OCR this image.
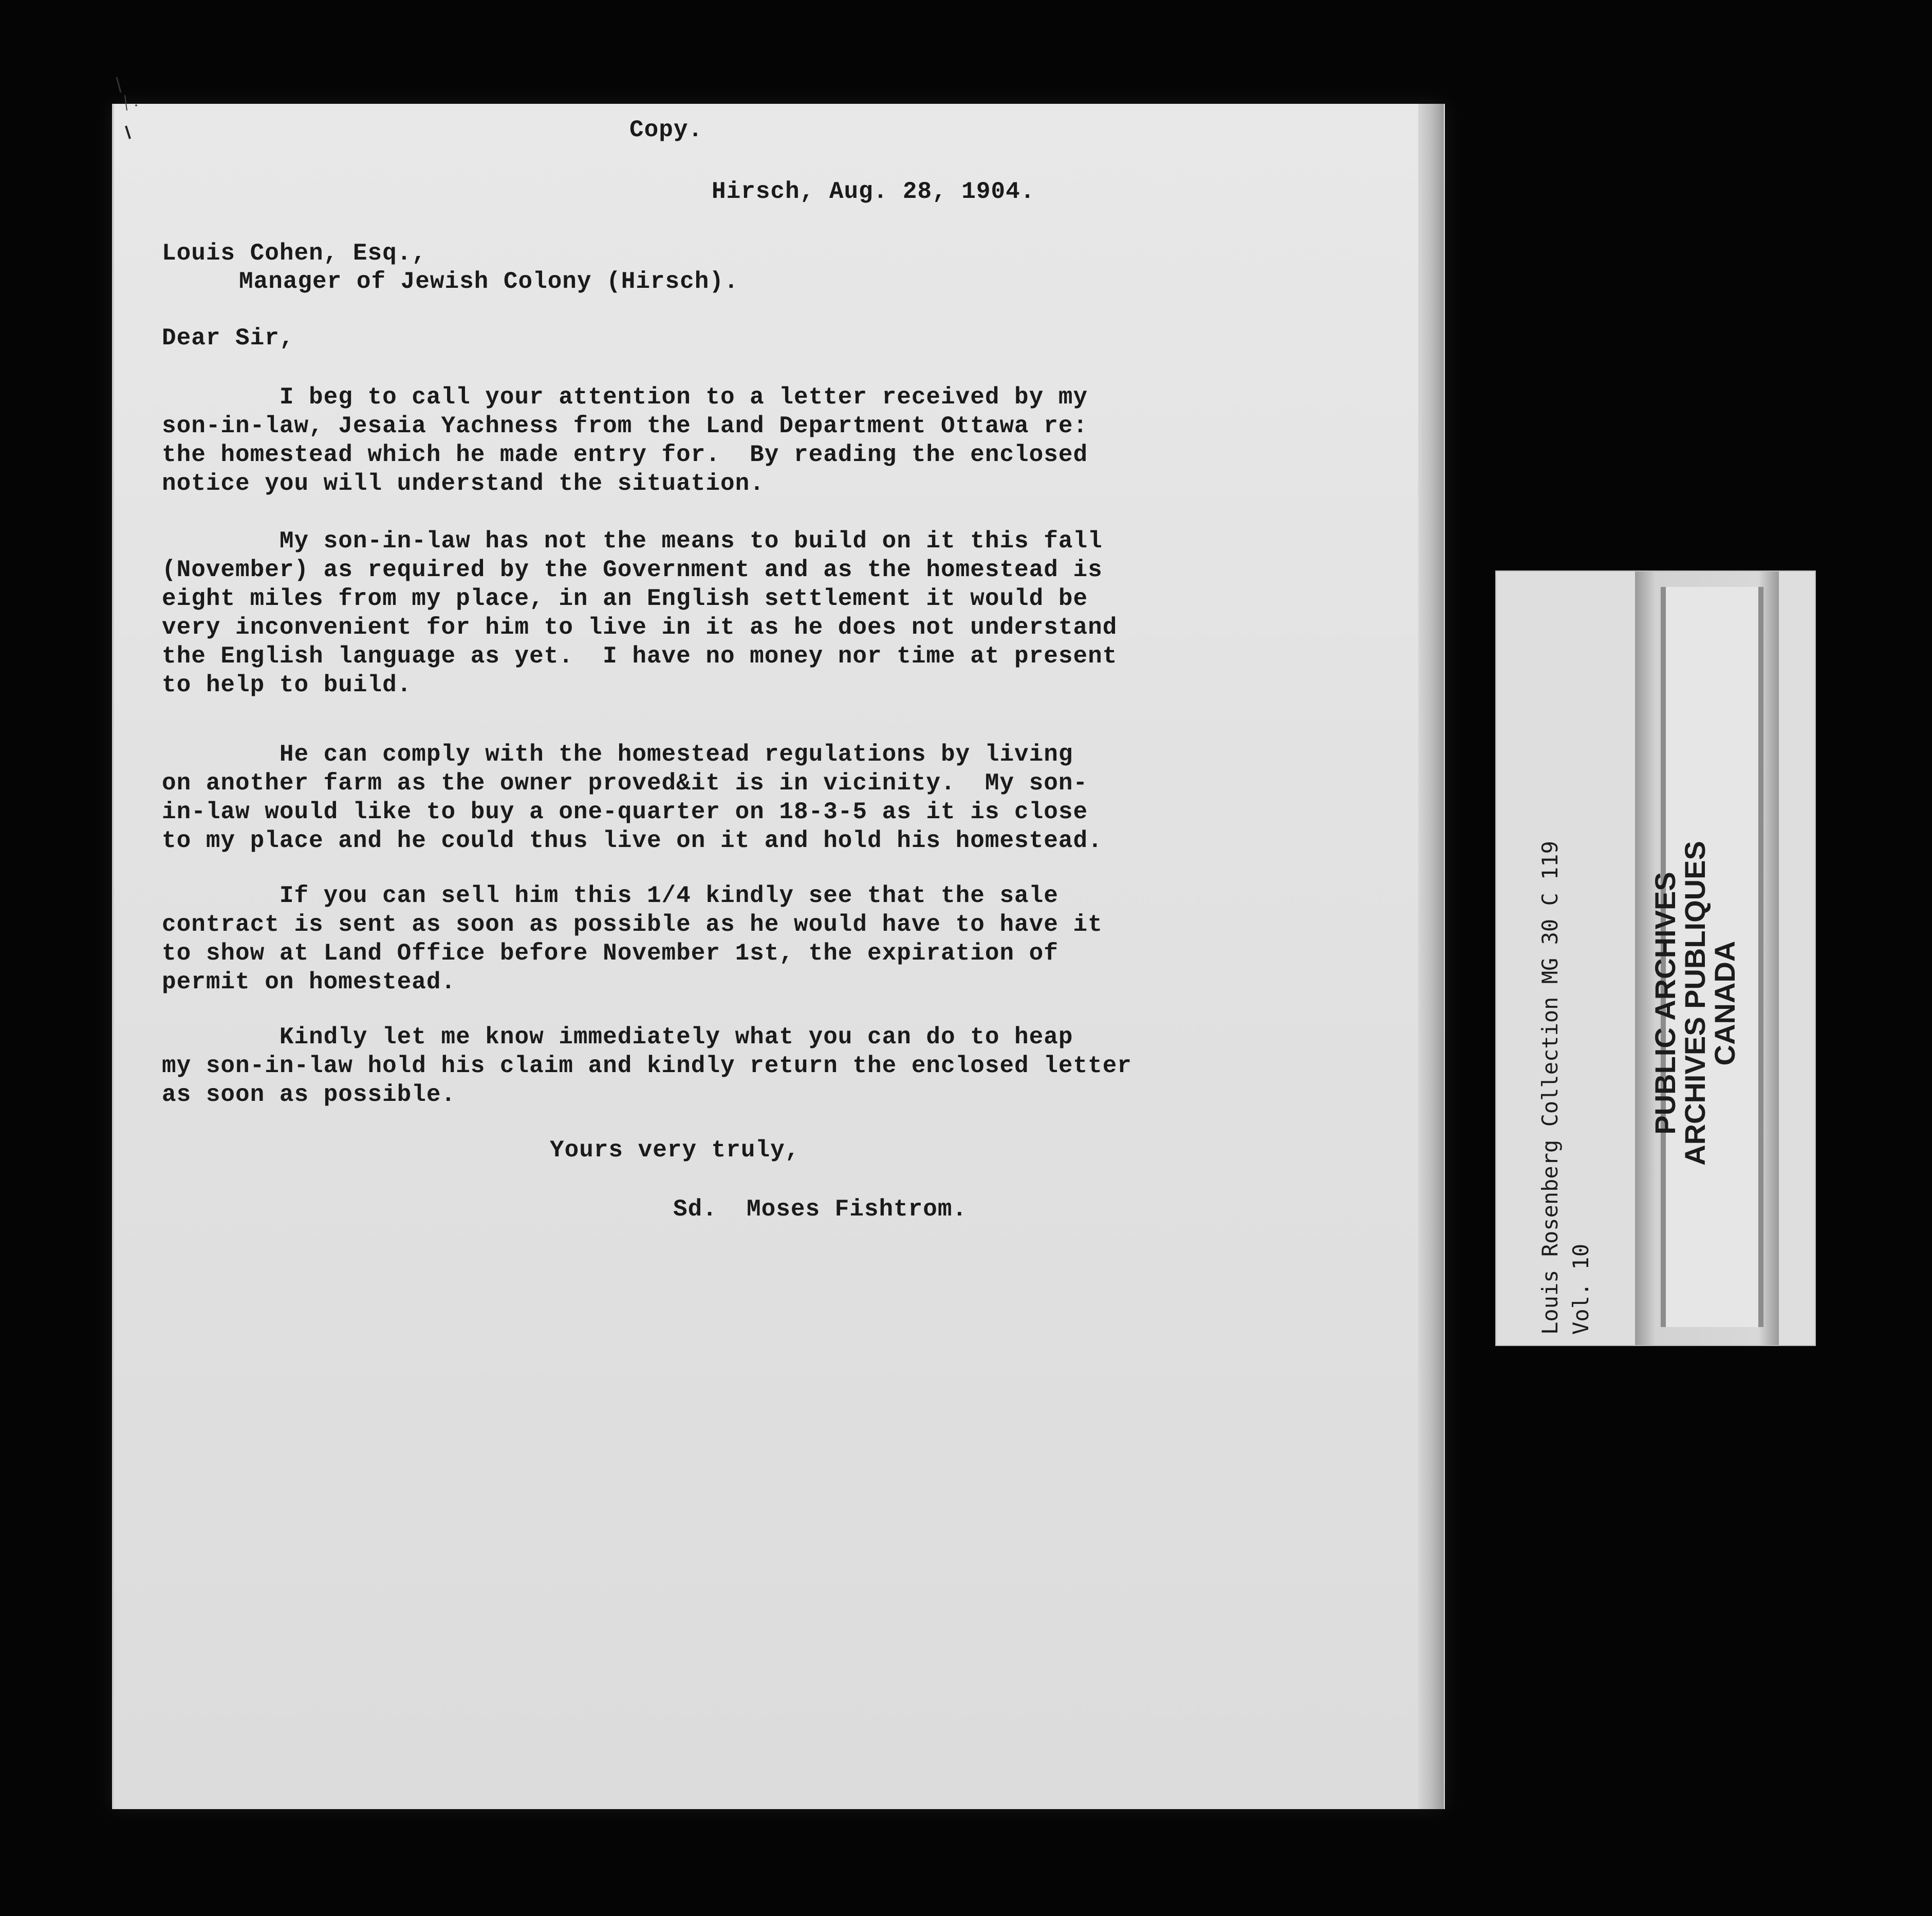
Copy.
Hirsch, Aug. 28, 1904.
Louis Cohen, Esq.,
Manager of Jewish Colony (Hirsch).
Dear Sir,
I beg to call your attention to a letter received by my
son-in-law, Jesaia Yachness from the Land Department Ottawa re:
the homestead which he made entry for.  By reading the enclosed
notice you will understand the situation.
My son-in-law has not the means to build on it this fall
(November) as required by the Government and as the homestead is
eight miles from my place, in an English settlement it would be
very inconvenient for him to live in it as he does not understand
the English language as yet.  I have no money nor time at present
to help to build.
He can comply with the homestead regulations by living
on another farm as the owner proved&it is in vicinity.  My son-
in-law would like to buy a one-quarter on 18-3-5 as it is close
to my place and he could thus live on it and hold his homestead.
If you can sell him this 1/4 kindly see that the sale
contract is sent as soon as possible as he would have to have it
to show at Land Office before November 1st, the expiration of
permit on homestead.
Kindly let me know immediately what you can do to heap
my son-in-law hold his claim and kindly return the enclosed letter
as soon as possible.
Yours very truly,
Sd.  Moses Fishtrom.	Louis Rosenberg Collection MG 30 C 119 Vol. 10
PUBLIC ARCHIVES
ARCHIVES PUBLIQUES
CANADA
